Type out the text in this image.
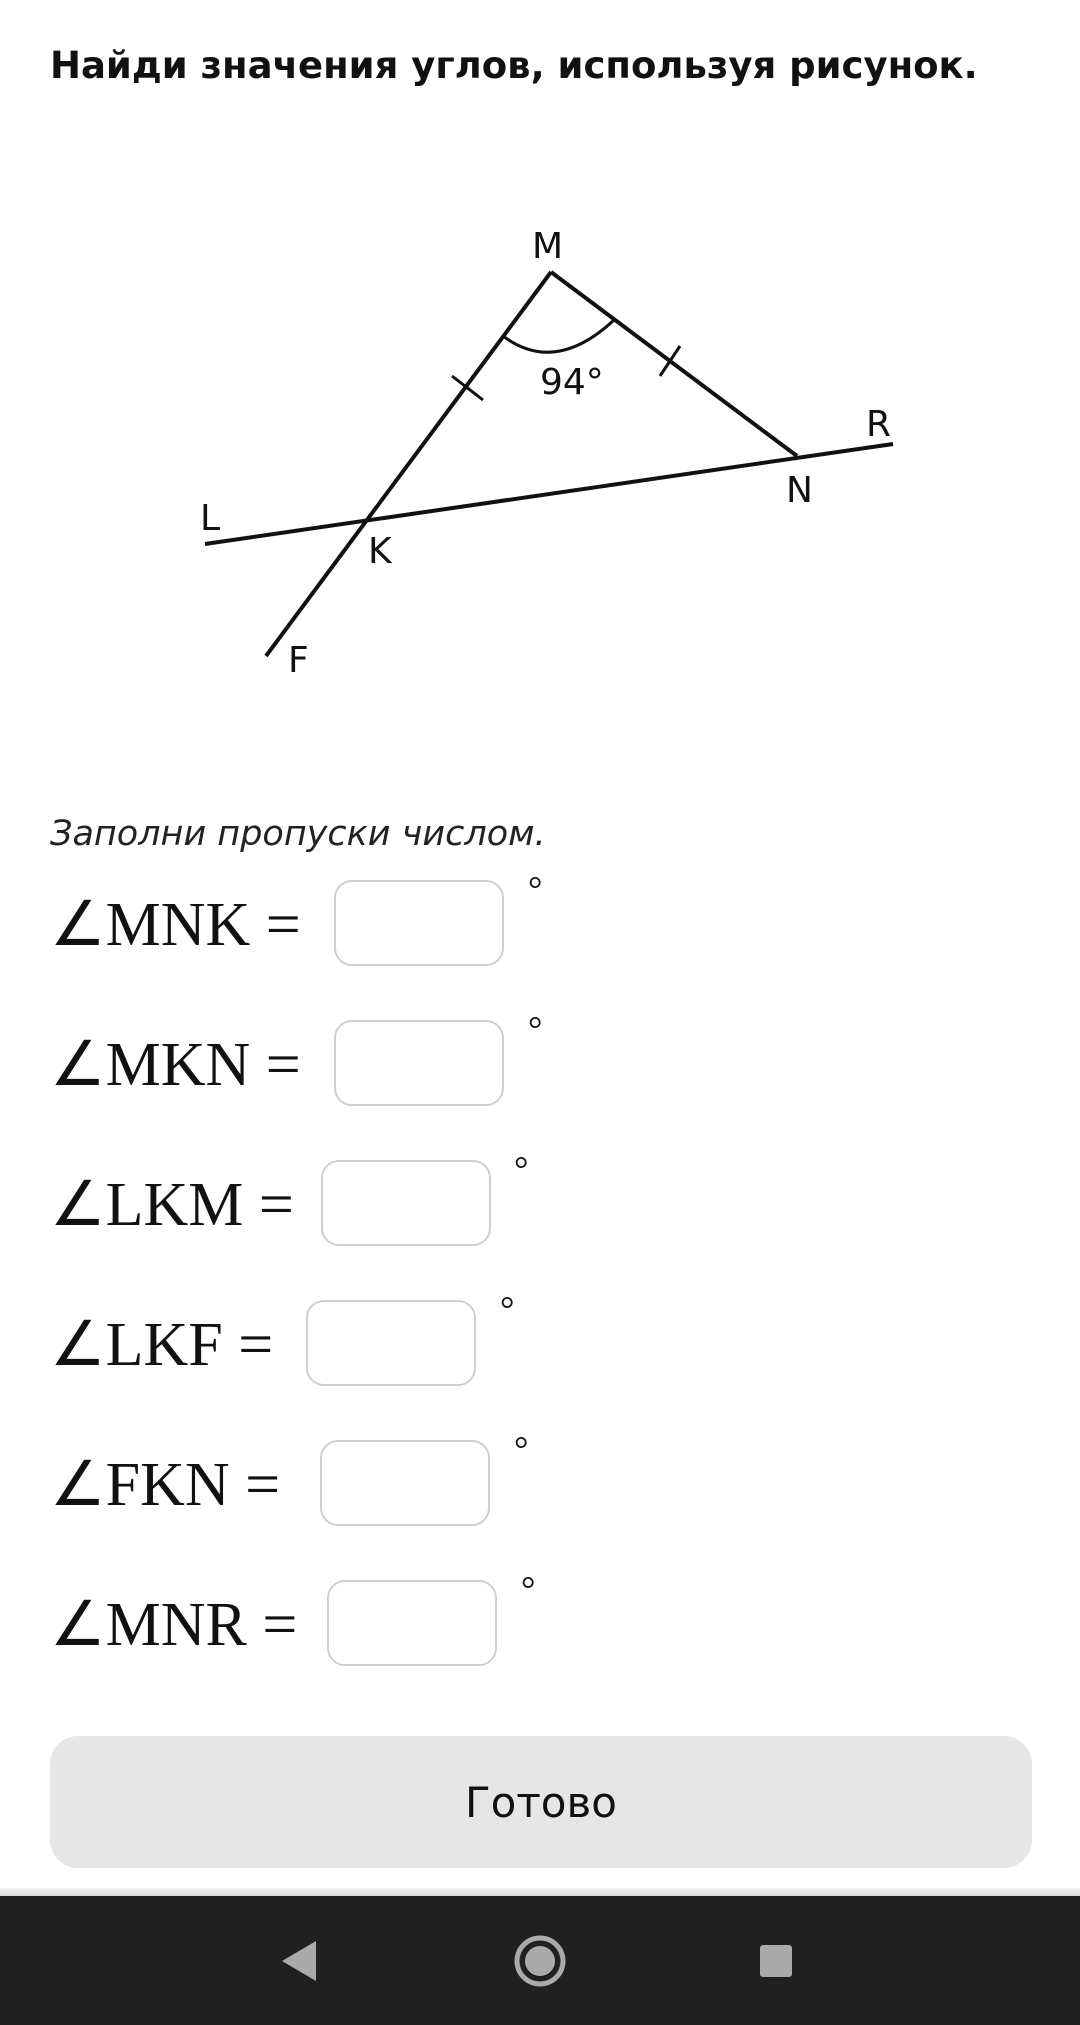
Найди значения углов, используя рисунок.
M
N
K
L
R
F
94°
Заполни пропуски числом.
∠MNK =
°
∠MKN =
°
∠LKM =
°
∠LKF =
°
∠FKN =
°
∠MNR =
°
Готово
